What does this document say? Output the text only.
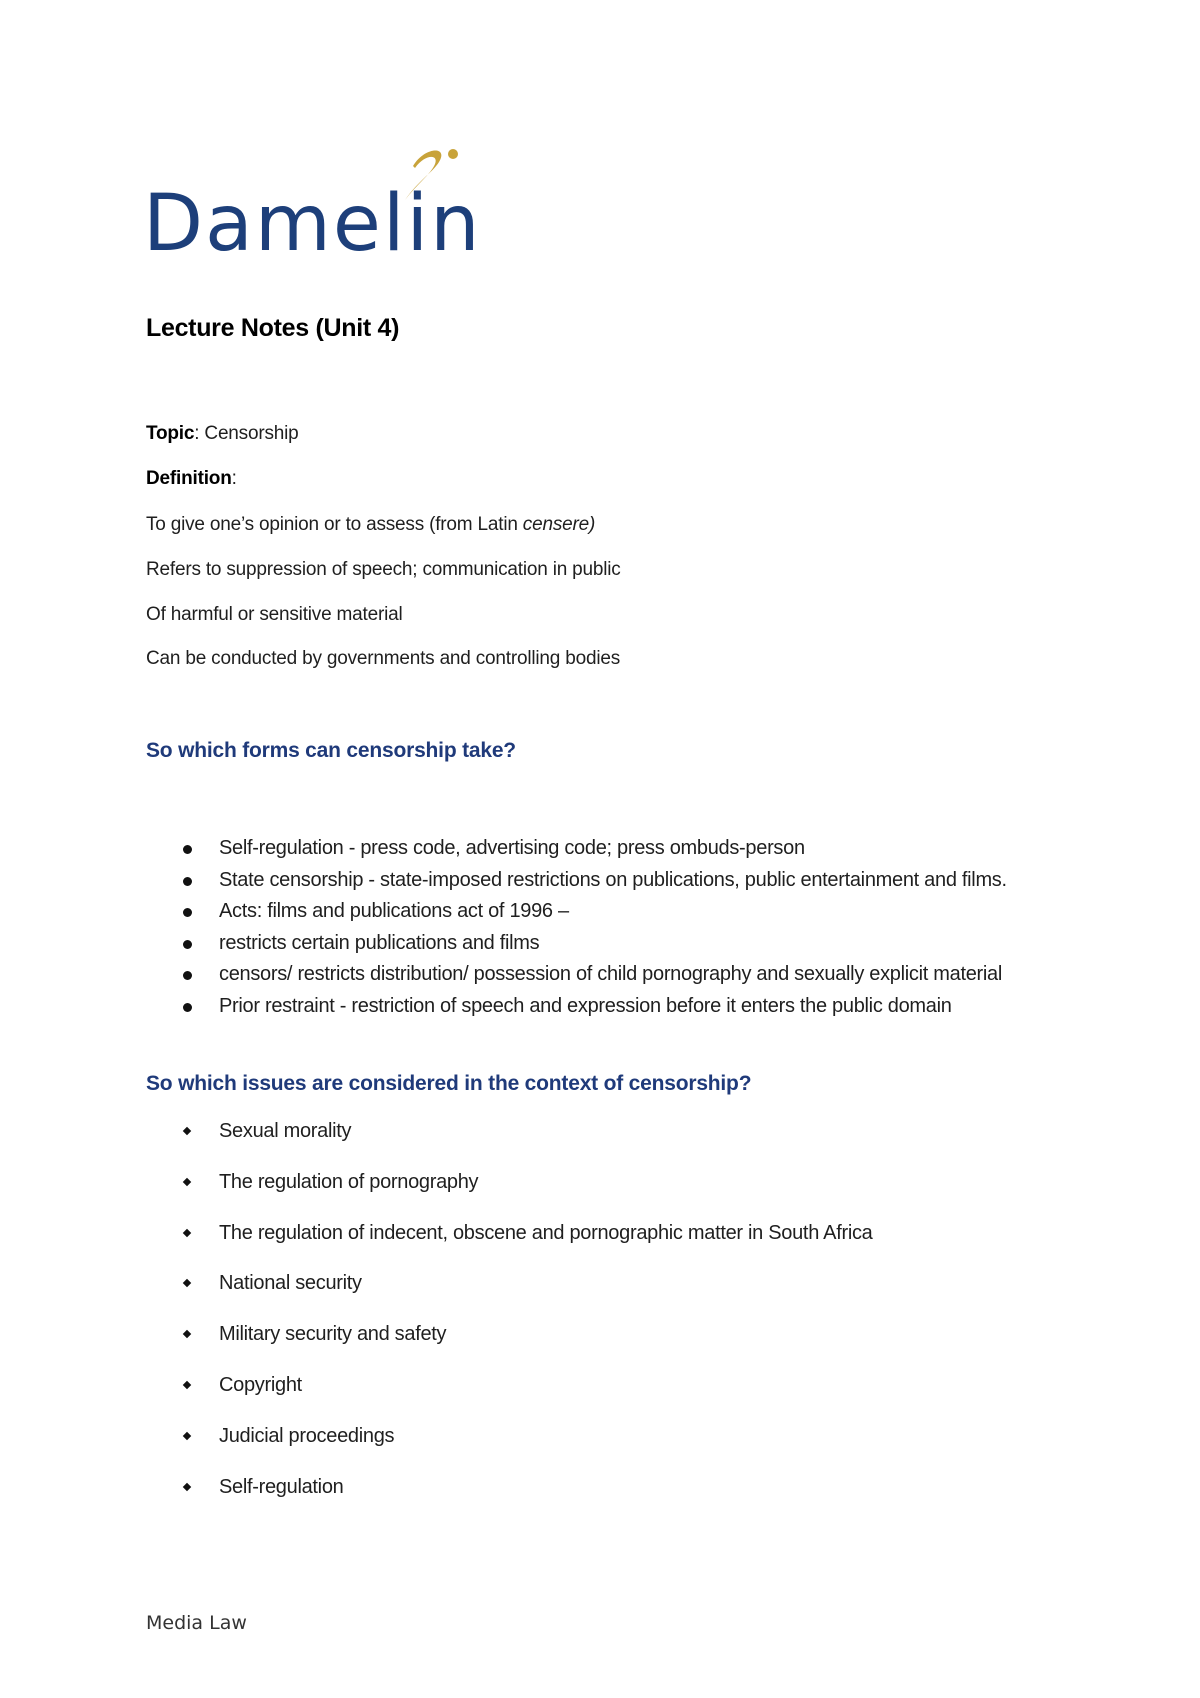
Damelin
Lecture Notes (Unit 4)

Topic: Censorship

Definition:

To give one’s opinion or to assess (from Latin censere)

Refers to suppression of speech; communication in public

Of harmful or sensitive material

Can be conducted by governments and controlling bodies

So which forms can censorship take?
Self-regulation - press code, advertising code; press ombuds-person
State censorship - state-imposed restrictions on publications, public entertainment and films.
Acts: films and publications act of 1996 –
restricts certain publications and films
censors/ restricts distribution/ possession of child pornography and sexually explicit material
Prior restraint - restriction of speech and expression before it enters the public domain
So which issues are considered in the context of censorship?
Sexual morality
The regulation of pornography
The regulation of indecent, obscene and pornographic matter in South Africa
National security
Military security and safety
Copyright
Judicial proceedings
Self-regulation

Media Law
